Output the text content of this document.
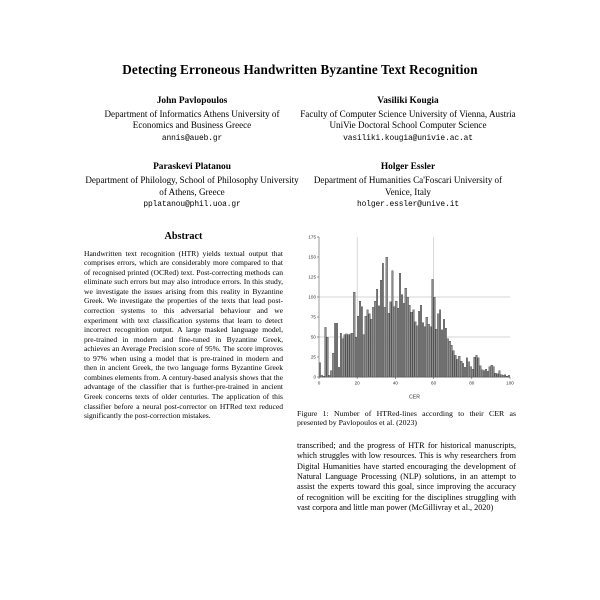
Detecting Erroneous Handwritten Byzantine Text Recognition
John Pavlopoulos
Department of Informatics Athens University of Economics and Business Greece
annis@aueb.gr
Vasiliki Kougia
Faculty of Computer Science University of Vienna, Austria UniVie Doctoral School Computer Science
vasiliki.kougia@univie.ac.at
Paraskevi Platanou
Department of Philology, School of Philosophy University of Athens, Greece
pplatanou@phil.uoa.gr
Holger Essler
Department of Humanities Ca'Foscari University of Venice, Italy
holger.essler@unive.it
Abstract

Handwritten text recognition (HTR) yields textual output that comprises errors, which are considerably more compared to that of recognised printed (OCRed) text. Post-correcting methods can eliminate such errors but may also introduce errors. In this study, we investigate the issues arising from this reality in Byzantine Greek. We investigate the properties of the texts that lead post-correction systems to this adversarial behaviour and we experiment with text classification systems that learn to detect incorrect recognition output. A large masked language model, pre-trained in modern and fine-tuned in Byzantine Greek, achieves an Average Precision score of 95%. The score improves to 97% when using a model that is pre-trained in modern and then in ancient Greek, the two language forms Byzantine Greek combines elements from. A century-based analysis shows that the advantage of the classifier that is further-pre-trained in ancient Greek concerns texts of older centuries. The application of this classifier before a neural post-corrector on HTRed text reduced significantly the post-correction mistakes.

0
25
50
75
100
125
150
175
0	20	40	60	80	100
CER
Figure 1: Number of HTRed-lines according to their CER as presented by Pavlopoulos et al. (2023)

transcribed; and the progress of HTR for historical manuscripts, which struggles with low resources. This is why researchers from Digital Humanities have started encouraging the development of Natural Language Processing (NLP) solutions, in an attempt to assist the experts toward this goal, since improving the accuracy of recognition will be exciting for the disciplines struggling with vast corpora and little man power (McGillivray et al., 2020)
